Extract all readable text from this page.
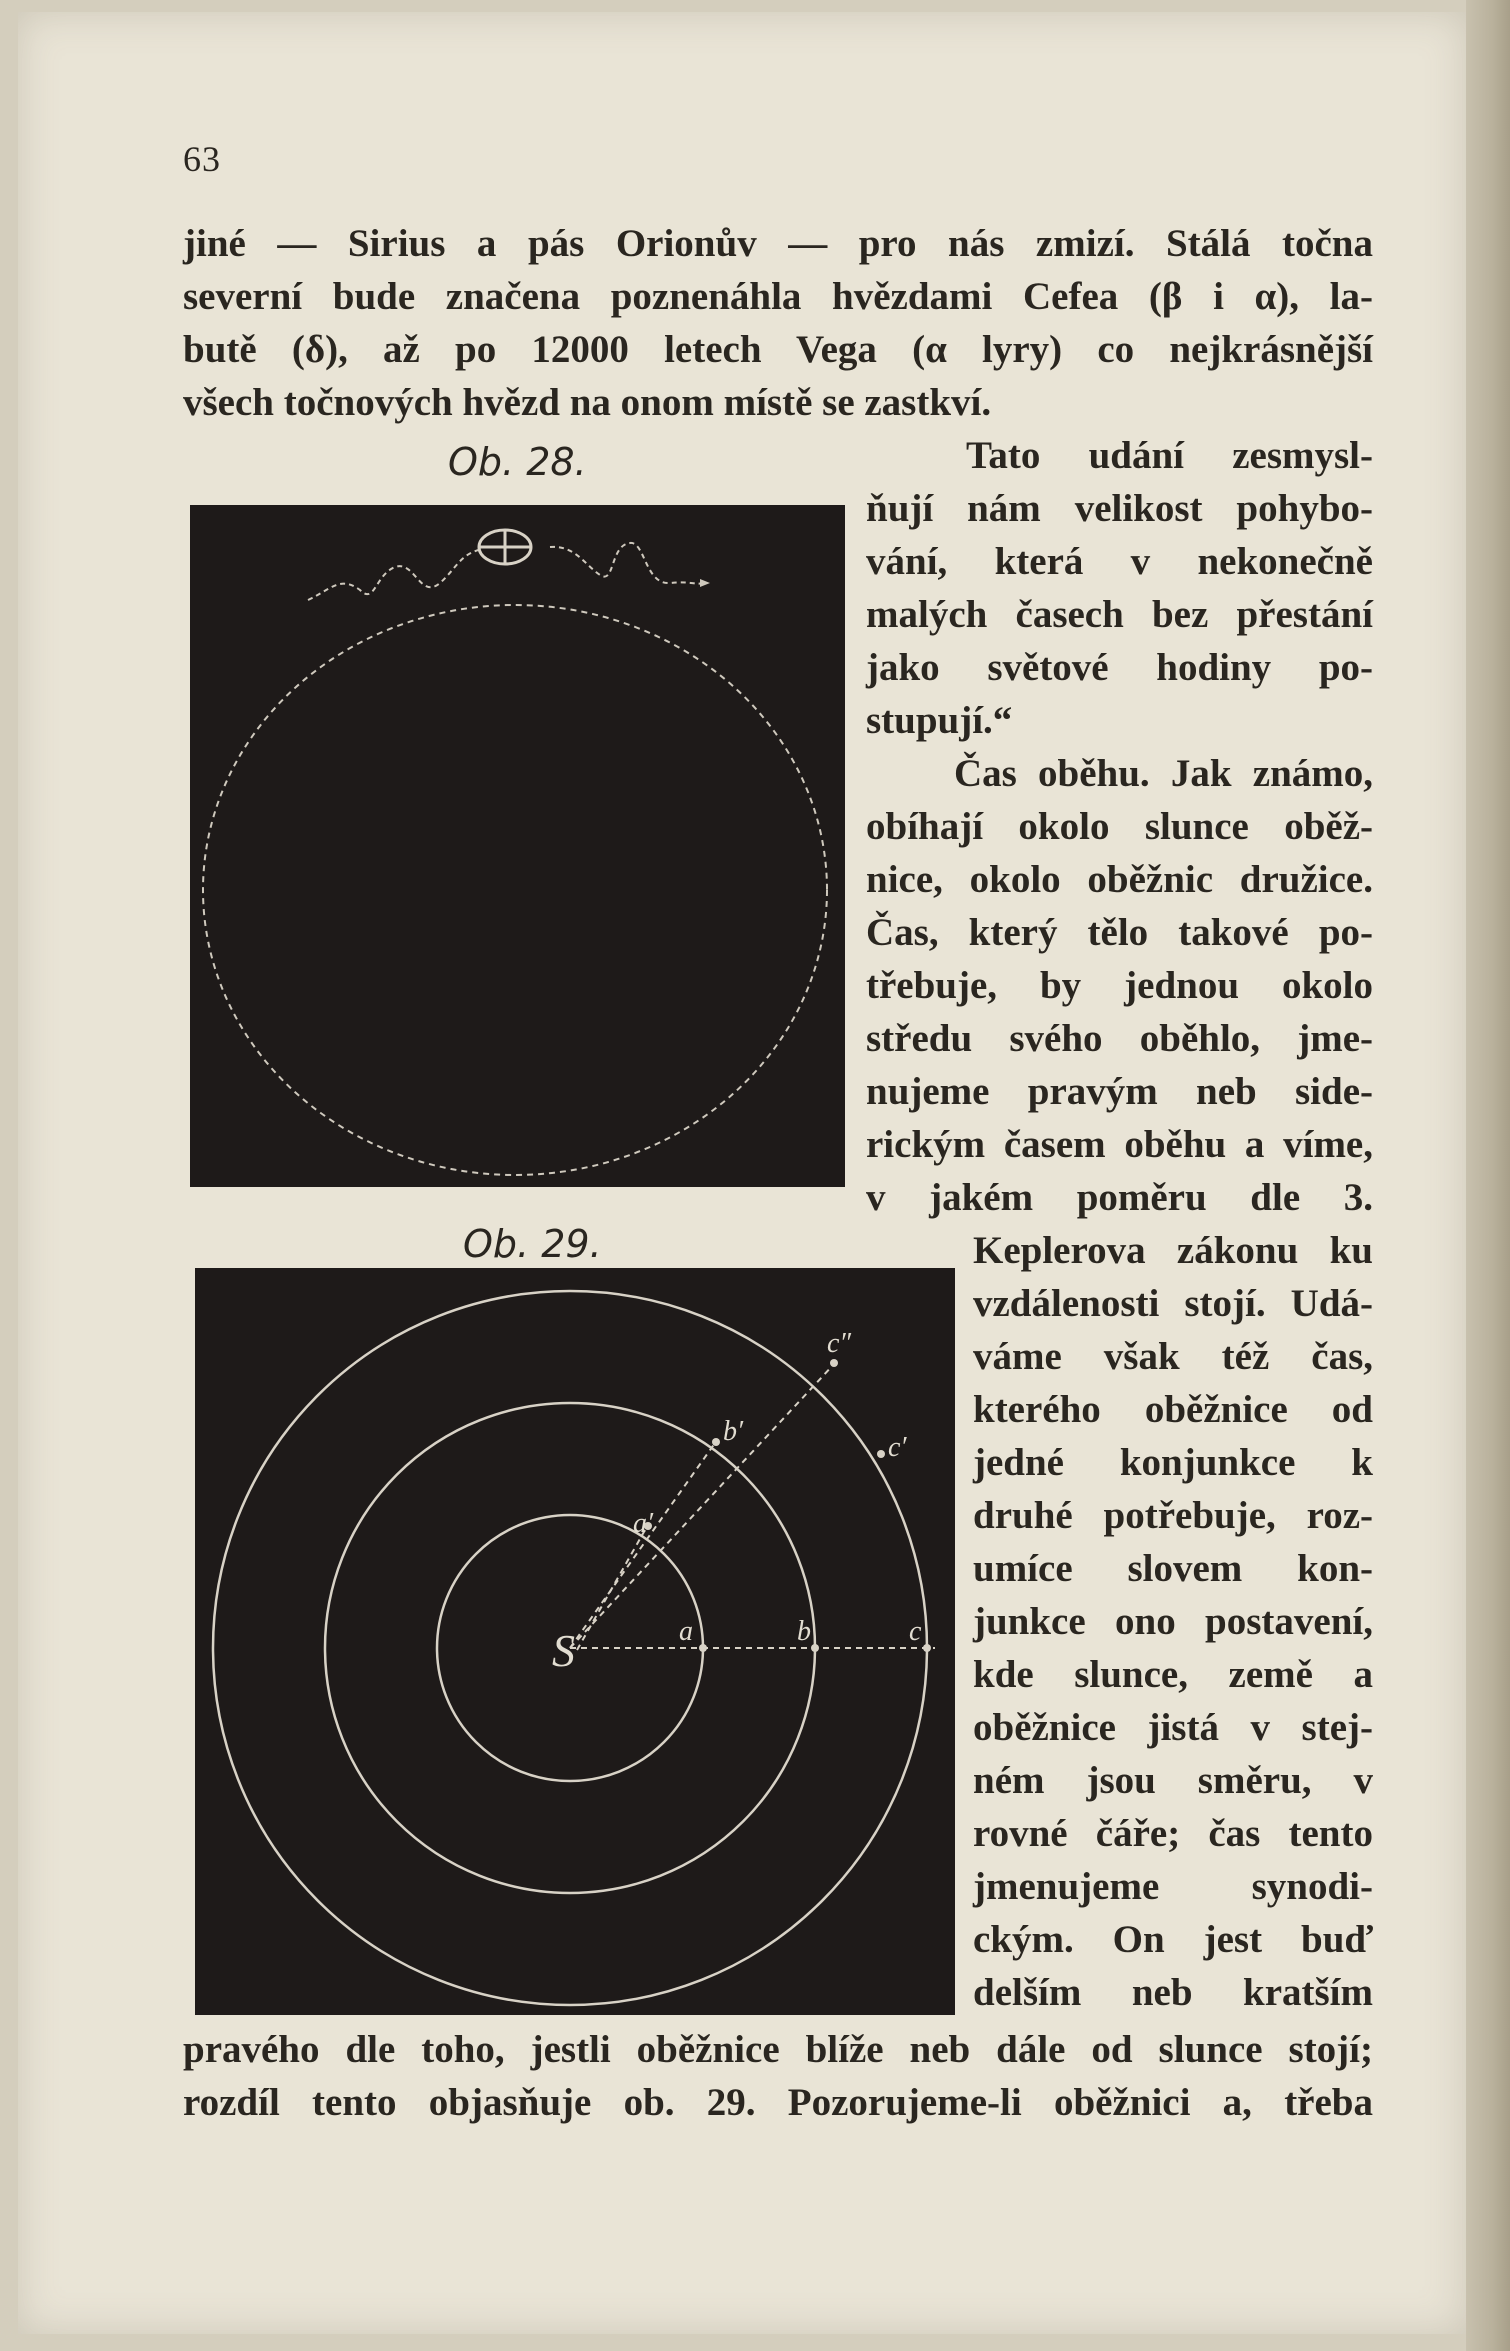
63
jiné — Sirius a pás Orionův — pro nás zmizí. Stálá točna
severní bude značena poznenáhla hvězdami Cefea (β i α), la-
butě (δ), až po 12000 letech Vega (α lyry) co nejkrásnější
všech točnových hvězd na onom místě se zastkví.
Ob. 28.
Ob. 29.
S	a	b	c
a′
b′
c′
c″
Tato udání zesmysl-
ňují nám velikost pohybo-
vání, která v nekonečně
malých časech bez přestání
jako světové hodiny po-
stupují.“
Čas oběhu. Jak známo,
obíhají okolo slunce oběž-
nice, okolo oběžnic družice.
Čas, který tělo takové po-
třebuje, by jednou okolo
středu svého oběhlo, jme-
nujeme pravým neb side-
rickým časem oběhu a víme,
v jakém poměru dle 3.
Keplerova zákonu ku
vzdálenosti stojí. Udá-
váme však též čas,
kterého oběžnice od
jedné konjunkce k
druhé potřebuje, roz-
umíce slovem kon-
junkce ono postavení,
kde slunce, země a
oběžnice jistá v stej-
ném jsou směru, v
rovné čáře; čas tento
jmenujeme synodi-
ckým. On jest buď
delším neb kratším
pravého dle toho, jestli oběžnice blíže neb dále od slunce stojí;
rozdíl tento objasňuje ob. 29. Pozorujeme-li oběžnici a, třeba
